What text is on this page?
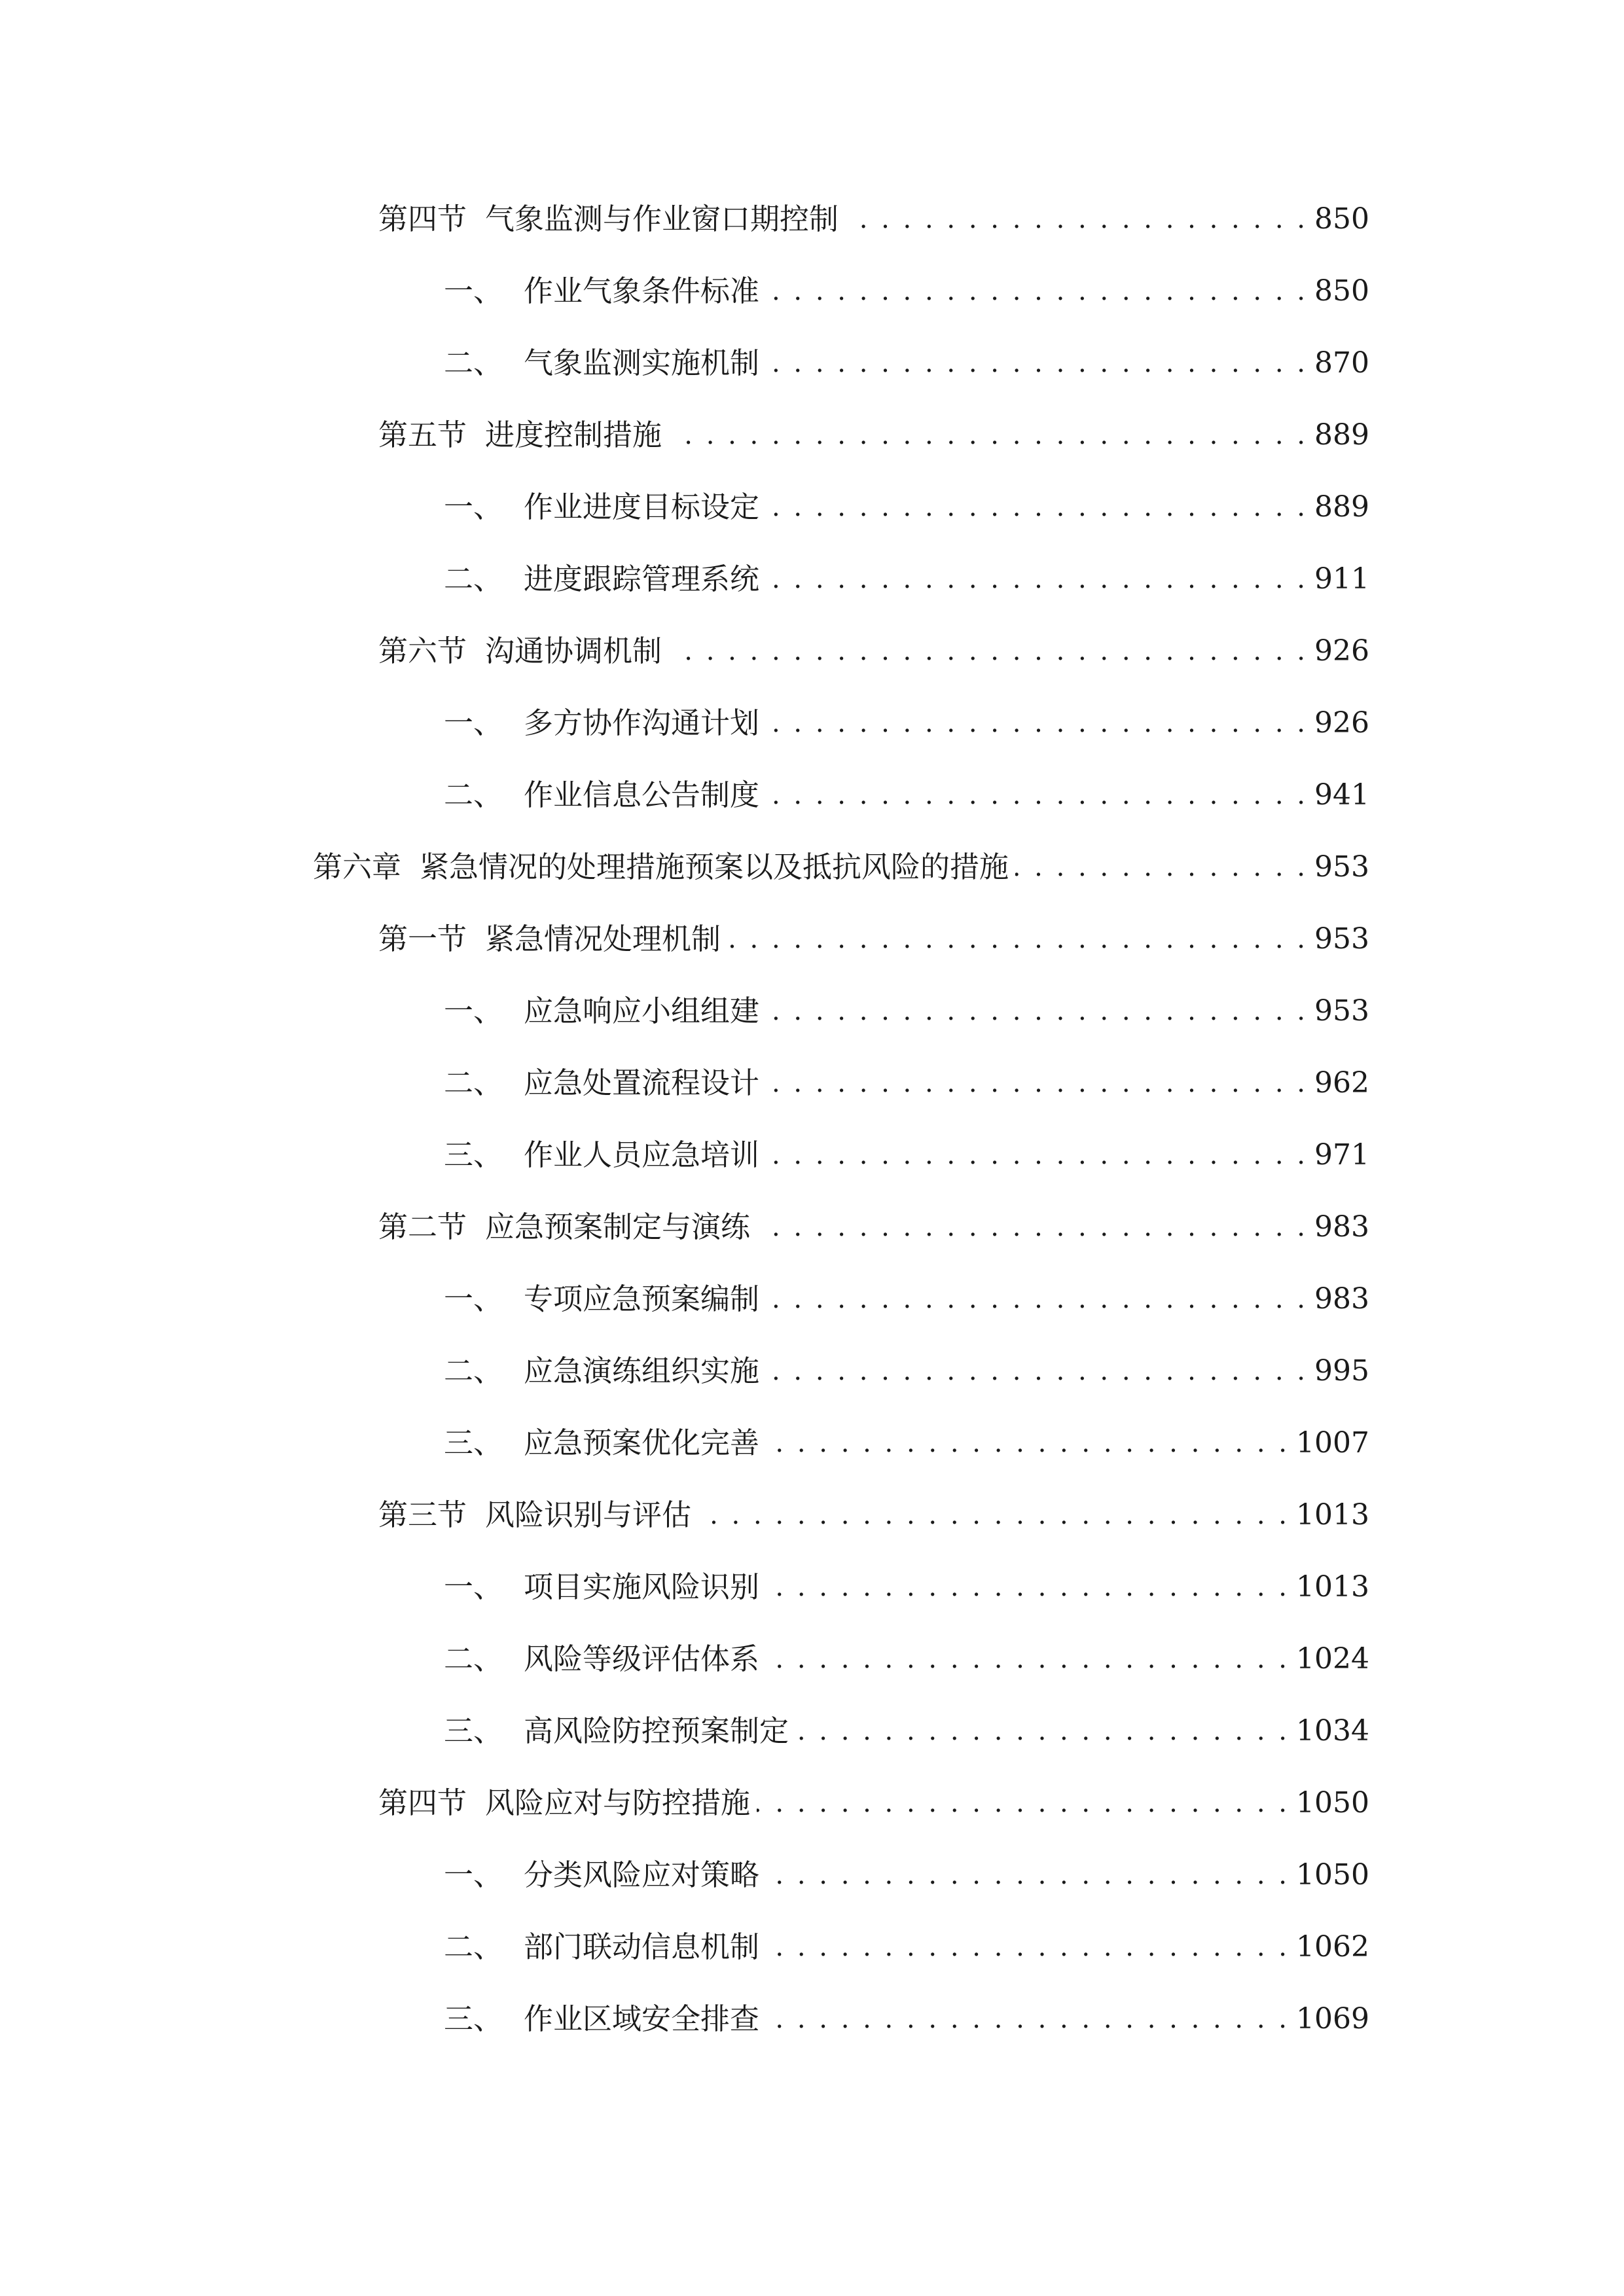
第四节 气象监测与作业窗口期控制 . . .	850
一、 作业气象条件标准 . . .	850
二、 气象监测实施机制 . . .	870
第五节 进度控制措施 . . .	889
一、 作业进度目标设定 . . .	889
二、 进度跟踪管理系统 . . .	911
第六节 沟通协调机制 . . .	926
一、 多方协作沟通计划 . . .	926
二、 作业信息公告制度 . . .	941
第六章 紧急情况的处理措施预案以及抵抗风险的措施 . . .	953
第一节 紧急情况处理机制 . . .	953
一、 应急响应小组组建 . . .	953
二、 应急处置流程设计 . . .	962
三、 作业人员应急培训 . . .	971
第二节 应急预案制定与演练 . . .	983
一、 专项应急预案编制 . . .	983
二、 应急演练组织实施 . . .	995
三、 应急预案优化完善 . . .	1007
第三节 风险识别与评估 . . .	1013
一、 项目实施风险识别 . . .	1013
二、 风险等级评估体系 . . .	1024
三、 高风险防控预案制定 . . .	1034
第四节 风险应对与防控措施 . . .	1050
一、 分类风险应对策略 . . .	1050
二、 部门联动信息机制 . . .	1062
三、 作业区域安全排查 . . .	1069
